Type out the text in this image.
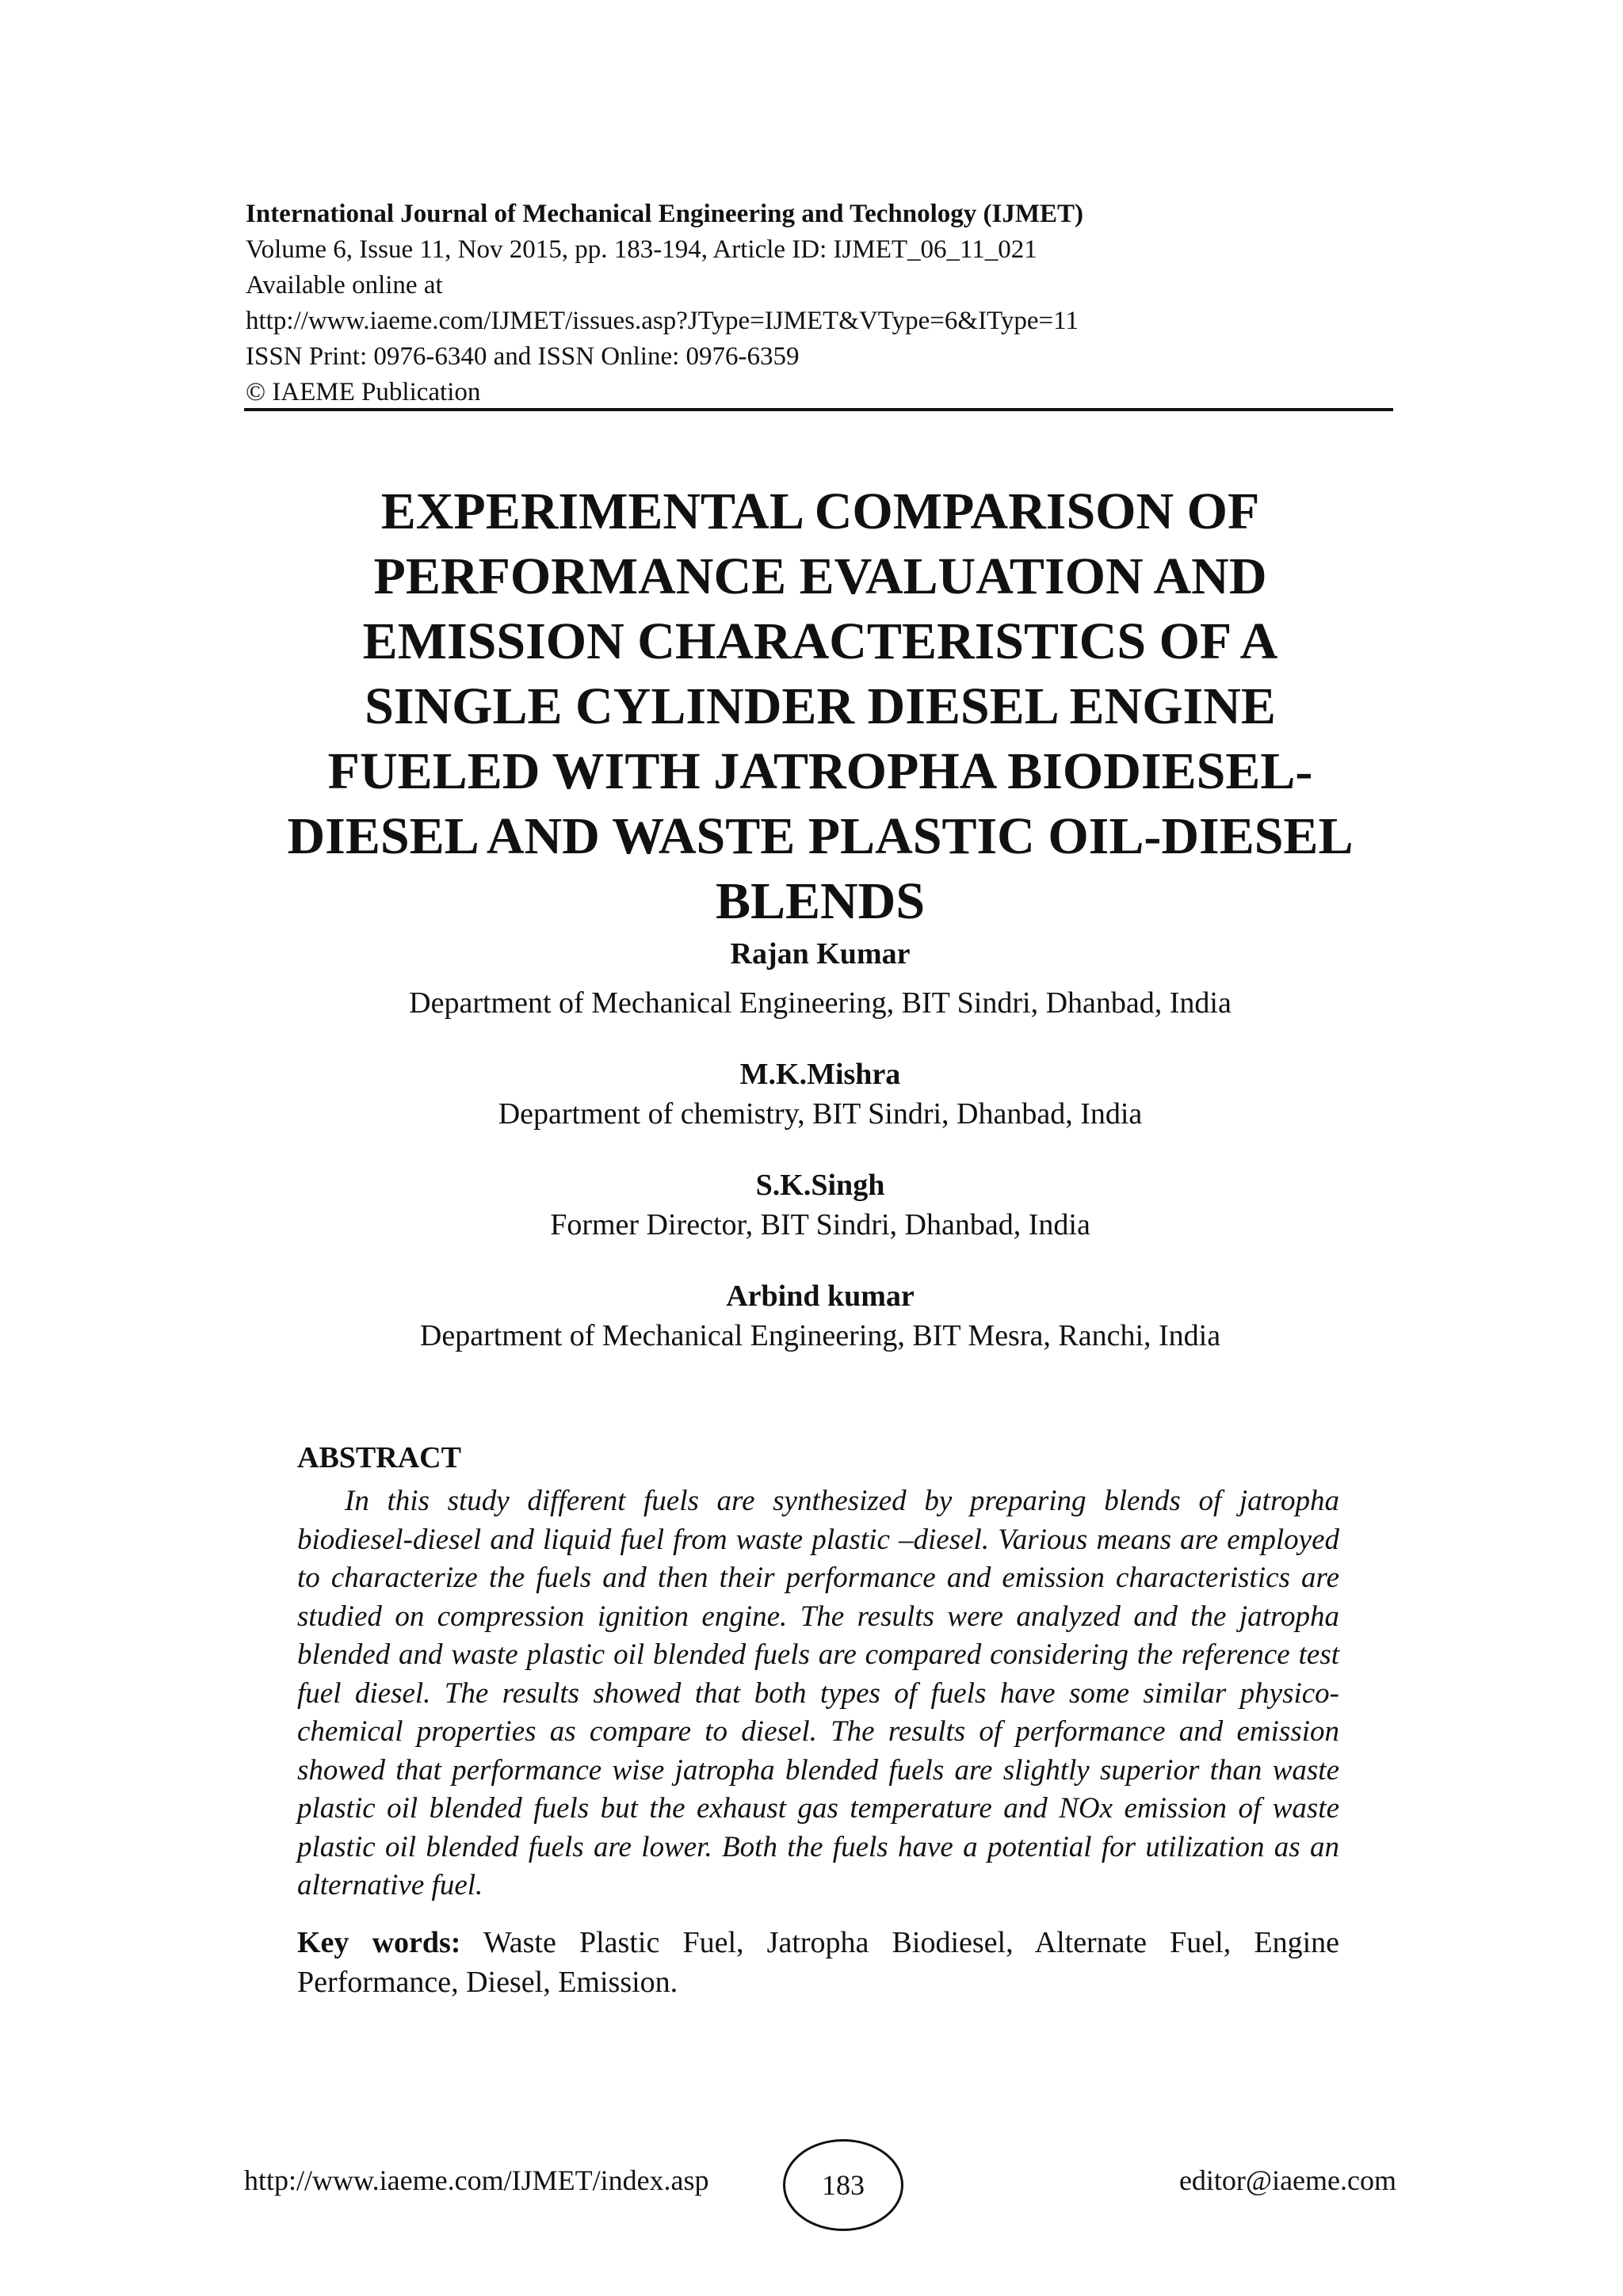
International Journal of Mechanical Engineering and Technology (IJMET)
Volume 6, Issue 11, Nov 2015, pp. 183-194, Article ID: IJMET_06_11_021
Available online at
http://www.iaeme.com/IJMET/issues.asp?JType=IJMET&VType=6&IType=11
ISSN Print: 0976-6340 and ISSN Online: 0976-6359
© IAEME Publication
EXPERIMENTAL COMPARISON OF
PERFORMANCE EVALUATION AND
EMISSION CHARACTERISTICS OF A
SINGLE CYLINDER DIESEL ENGINE
FUELED WITH JATROPHA BIODIESEL-
DIESEL AND WASTE PLASTIC OIL-DIESEL
BLENDS
Rajan Kumar
Department of Mechanical Engineering, BIT Sindri, Dhanbad, India
M.K.Mishra
Department of chemistry, BIT Sindri, Dhanbad, India
S.K.Singh
Former Director, BIT Sindri, Dhanbad, India
Arbind kumar
Department of Mechanical Engineering, BIT Mesra, Ranchi, India
ABSTRACT

In this study different fuels are synthesized by preparing blends of jatropha biodiesel-diesel and liquid fuel from waste plastic –diesel. Various means are employed to characterize the fuels and then their performance and emission characteristics are studied on compression ignition engine. The results were analyzed and the jatropha blended and waste plastic oil blended fuels are compared considering the reference test fuel diesel. The results showed that both types of fuels have some similar physico-chemical properties as compare to diesel. The results of performance and emission showed that performance wise jatropha blended fuels are slightly superior than waste plastic oil blended fuels but the exhaust gas temperature and NOx emission of waste plastic oil blended fuels are lower. Both the fuels have a potential for utilization as an alternative fuel.

Key words: Waste Plastic Fuel, Jatropha Biodiesel, Alternate Fuel, Engine Performance, Diesel, Emission.
http://www.iaeme.com/IJMET/index.asp	183	editor@iaeme.com
